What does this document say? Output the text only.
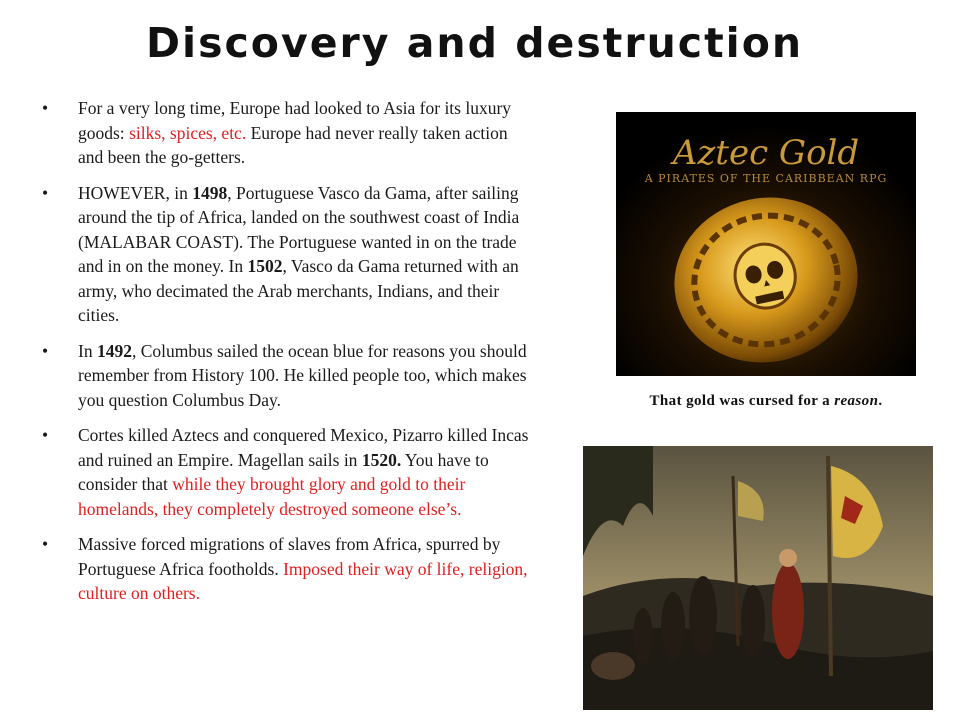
Discovery and destruction
• For a very long time, Europe had looked to Asia for its luxury goods: silks, spices, etc. Europe had never really taken action and been the go-getters.
• HOWEVER, in 1498, Portuguese Vasco da Gama, after sailing around the tip of Africa, landed on the southwest coast of India (MALABAR COAST). The Portuguese wanted in on the trade and in on the money. In 1502, Vasco da Gama returned with an army, who decimated the Arab merchants, Indians, and their cities.
• In 1492, Columbus sailed the ocean blue for reasons you should remember from History 100. He killed people too, which makes you question Columbus Day.
• Cortes killed Aztecs and conquered Mexico, Pizarro killed Incas and ruined an Empire. Magellan sails in 1520. You have to consider that while they brought glory and gold to their homelands, they completely destroyed someone else’s.
• Massive forced migrations of slaves from Africa, spurred by Portuguese Africa footholds. Imposed their way of life, religion, culture on others.
Aztec Gold
A PIRATES OF THE CARIBBEAN RPG
That gold was cursed for a reason.
